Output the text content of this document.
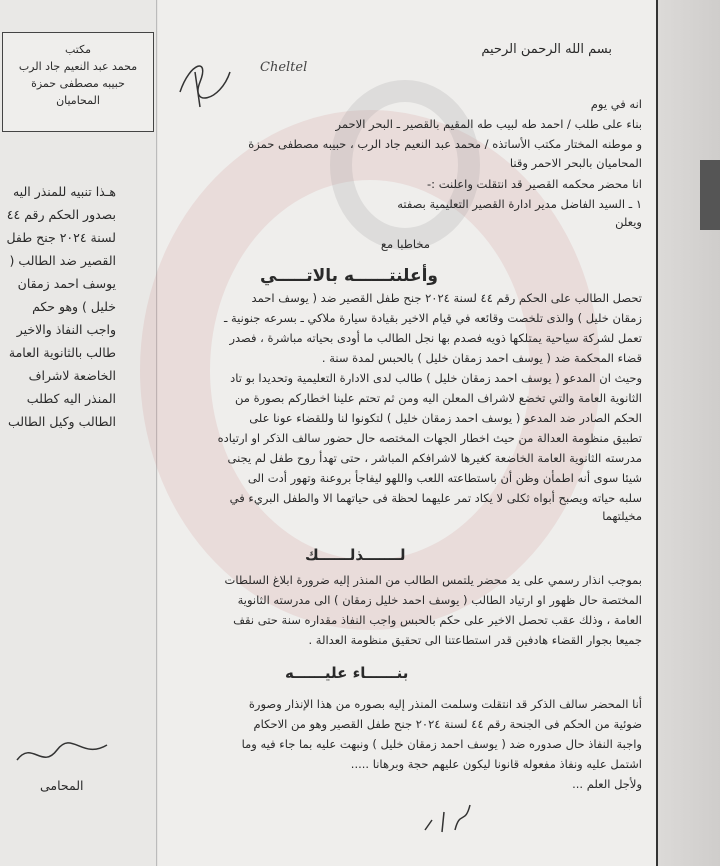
مكتب
محمد عبد النعيم جاد الرب
حبيبه مصطفى حمزة
المحاميان
بسم الله الرحمن الرحيم
Cheltel
انه في يوم
بناء على طلب / احمد طه لبيب طه المقيم بالقصير ـ البحر الاحمر
و موطنه المختار مكتب الأساتذه / محمد عبد النعيم جاد الرب ، حبيبه مصطفى حمزة
المحاميان بالبحر الاحمر وقنا
انا محضر محكمه القصير قد انتقلت واعلنت :-
١ ـ السيد الفاضل مدير ادارة القصير التعليمية بصفته
ويعلن
مخاطبا مع
وأعلنتــــــه بالاتـــــي
تحصل الطالب على الحكم رقم ٤٤ لسنة ٢٠٢٤ جنح طفل القصير ضد ( يوسف احمد
زمقان خليل ) والذى تلخصت وقائعه في قيام الاخير بقيادة سيارة ملاكي ـ بسرعه جنونية ـ
تعمل لشركة سياحية يمتلكها ذويه فصدم بها نجل الطالب ما أودى بحياته مباشرة ، فصدر
قضاء المحكمة ضد ( يوسف احمد زمقان خليل ) بالحبس لمدة سنة .
وحيث ان المدعو ( يوسف احمد زمقان خليل ) طالب لدى الادارة التعليمية وتحديدا بو تاد
الثانوية العامة والتي تخضع لاشراف المعلن اليه ومن ثم تحتم علينا اخطاركم بصورة من
الحكم الصادر ضد المدعو ( يوسف احمد زمقان خليل ) لتكونوا لنا وللقضاء عونا على
تطبيق منظومة العدالة من حيث اخطار الجهات المختصه حال حضور سالف الذكر او ارتياده
مدرسته الثانوية العامة الخاضعة كغيرها لاشرافكم المباشر ، حتى تهدأ روح طفل لم يجنى
شيئا سوى أنه اطمأن وظن أن باستطاعته اللعب واللهو ليفاجأ بروعنة وتهور أدت الى
سلبه حياته ويصبح أبواه ثكلى لا يكاد تمر عليهما لحظة فى حياتهما الا والطفل البريء في
مخيلتهما
لـــــــذلــــــك
بموجب انذار رسمي على يد محضر يلتمس الطالب من المنذر إليه ضرورة ابلاغ السلطات
المختصة حال ظهور او ارتياد الطالب ( يوسف احمد خليل زمقان ) الى مدرسته الثانوية
العامة ، وذلك عقب تحصل الاخير على حكم بالحبس واجب النفاذ مقداره سنة حتى نقف
جميعا بجوار القضاء هادفين قدر استطاعتنا الى تحقيق منظومة العدالة .
بنــــــاء عليــــــه
أنا المحضر سالف الذكر قد انتقلت وسلمت المنذر إليه بصوره من هذا الإنذار وصورة
ضوئية من الحكم فى الجنحة رقم ٤٤ لسنة ٢٠٢٤ جنح طفل القصير وهو من الاحكام
واجبة النفاذ حال صدوره ضد ( يوسف احمد زمقان خليل ) ونبهت عليه بما جاء فيه وما
اشتمل عليه ونفاذ مفعوله قانونا ليكون عليهم حجة وبرهانا .....
ولأجل العلم ...
هـذا تنبيه للمنذر اليه بصدور الحكم رقم ٤٤ لسنة ٢٠٢٤ جنح طفل القصير ضد الطالب ( يوسف احمد زمقان خليل ) وهو حكم واجب النفاذ والاخير طالب بالثانوية العامة الخاضعة لاشراف المنذر اليه كطلب الطالب وكيل الطالب
المحامى
